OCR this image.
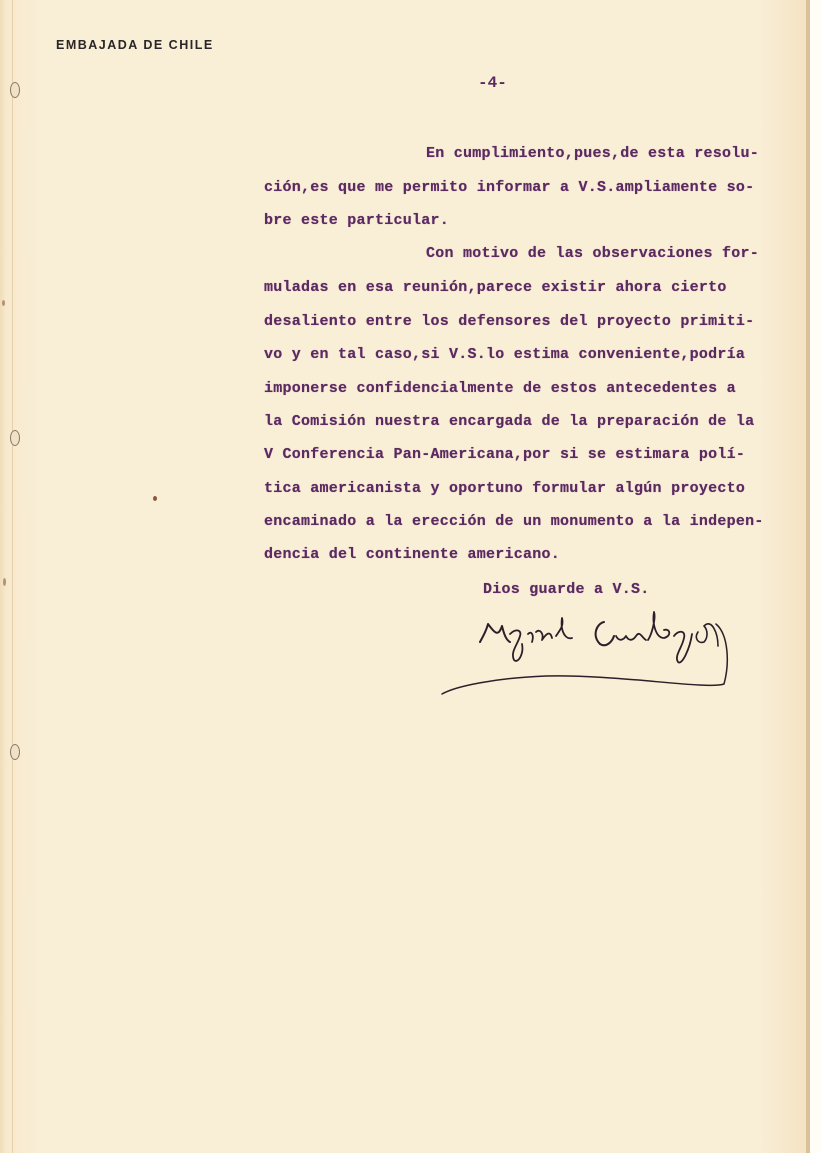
EMBAJADA DE CHILE
-4-
En cumplimiento,pues,de esta resolu-
ción,es que me permito informar a V.S.ampliamente so-
bre este particular.
Con motivo de las observaciones for-
muladas en esa reunión,parece existir ahora cierto
desaliento entre los defensores del proyecto primiti-
vo y en tal caso,si V.S.lo estima conveniente,podría
imponerse confidencialmente de estos antecedentes a
la Comisión nuestra encargada de la preparación de la
V Conferencia Pan-Americana,por si se estimara polí-
tica americanista y oportuno formular algún proyecto
encaminado a la erección de un monumento a la indepen-
dencia del continente americano.
Dios guarde a V.S.
